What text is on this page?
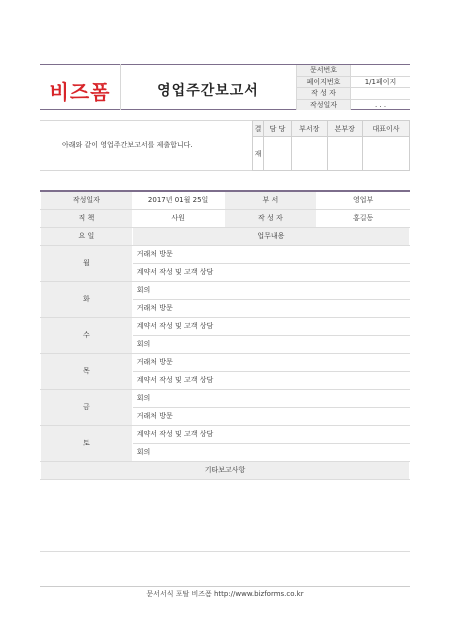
비즈폼	영업주간보고서
문서번호	
페이지번호	1/1페이지
작 성 자	
작성일자	. . .
아래와 같이 영업주간보고서를 제출합니다.
결	담 당	부서장	본부장	대표이사
재				
작성일자	2017년 01월 25일	부 서	영업부
직 책	사원	작 성 자	홍길동
요 일	업무내용		
월	거래처 방문		
	계약서 작성 및 고객 상담		
화	회의		
	거래처 방문		
수	계약서 작성 및 고객 상담		
	회의		
목	거래처 방문		
	계약서 작성 및 고객 상담		
금	회의		
	거래처 방문		
토	계약서 작성 및 고객 상담		
	회의		
기타보고사항			

문서서식 포탈 비즈폼 http://www.bizforms.co.kr
